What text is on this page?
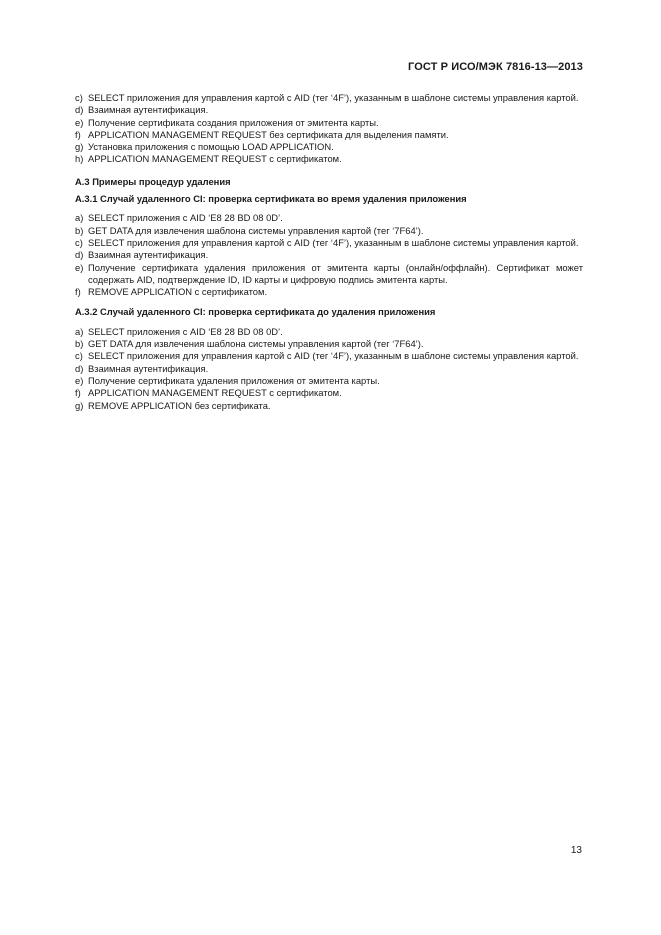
ГОСТ Р ИСО/МЭК 7816-13—2013
c) SELECT приложения для управления картой с AID (тег ‘4F’), указанным в шаблоне системы управления картой.
d) Взаимная аутентификация.
e) Получение сертификата создания приложения от эмитента карты.
f) APPLICATION MANAGEMENT REQUEST без сертификата для выделения памяти.
g) Установка приложения с помощью LOAD APPLICATION.
h) APPLICATION MANAGEMENT REQUEST с сертификатом.
А.3 Примеры процедур удаления
А.3.1 Случай удаленного CI: проверка сертификата во время удаления приложения
a) SELECT приложения с AID ‘E8 28 BD 08 0D’.
b) GET DATA для извлечения шаблона системы управления картой (тег ‘7F64’).
c) SELECT приложения для управления картой с AID (тег ‘4F’), указанным в шаблоне системы управления картой.
d) Взаимная аутентификация.
e) Получение сертификата удаления приложения от эмитента карты (онлайн/оффлайн). Сертификат может содержать AID, подтверждение ID, ID карты и цифровую подпись эмитента карты.
f) REMOVE APPLICATION с сертификатом.
А.3.2 Случай удаленного CI: проверка сертификата до удаления приложения
a) SELECT приложения с AID ‘E8 28 BD 08 0D’.
b) GET DATA для извлечения шаблона системы управления картой (тег ‘7F64’).
c) SELECT приложения для управления картой с AID (тег ‘4F’), указанным в шаблоне системы управления картой.
d) Взаимная аутентификация.
e) Получение сертификата удаления приложения от эмитента карты.
f) APPLICATION MANAGEMENT REQUEST с сертификатом.
g) REMOVE APPLICATION без сертификата.
13
